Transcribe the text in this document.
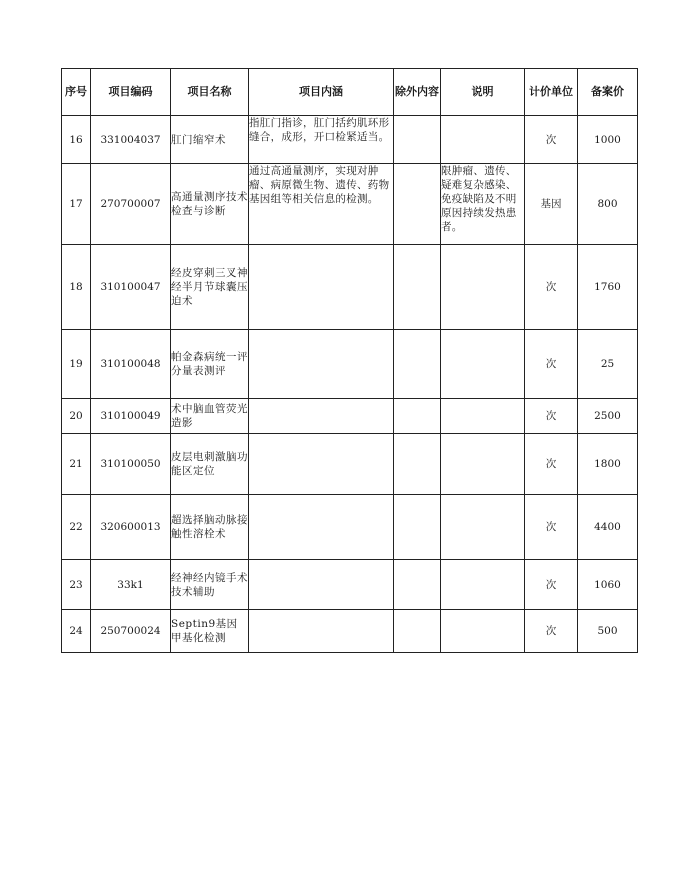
序号	项目编码	项目名称	项目内涵	除外内容	说明	计价单位	备案价
16	331004037	肛门缩窄术	指肛门指诊，肛门括约肌环形缝合，成形，开口检紧适当。			次	1000
17	270700007	高通量测序技术检查与诊断	通过高通量测序，实现对肿瘤、病原微生物、遗传、药物基因组等相关信息的检测。		限肿瘤、遗传、疑难复杂感染、免疫缺陷及不明原因持续发热患者。	基因	800
18	310100047	经皮穿刺三叉神经半月节球囊压迫术				次	1760
19	310100048	帕金森病统一评分量表测评				次	25
20	310100049	术中脑血管荧光造影				次	2500
21	310100050	皮层电刺激脑功能区定位				次	1800
22	320600013	超选择脑动脉接触性溶栓术				次	4400
23	33k1	经神经内镜手术技术辅助				次	1060
24	250700024	Septin9基因甲基化检测				次	500
